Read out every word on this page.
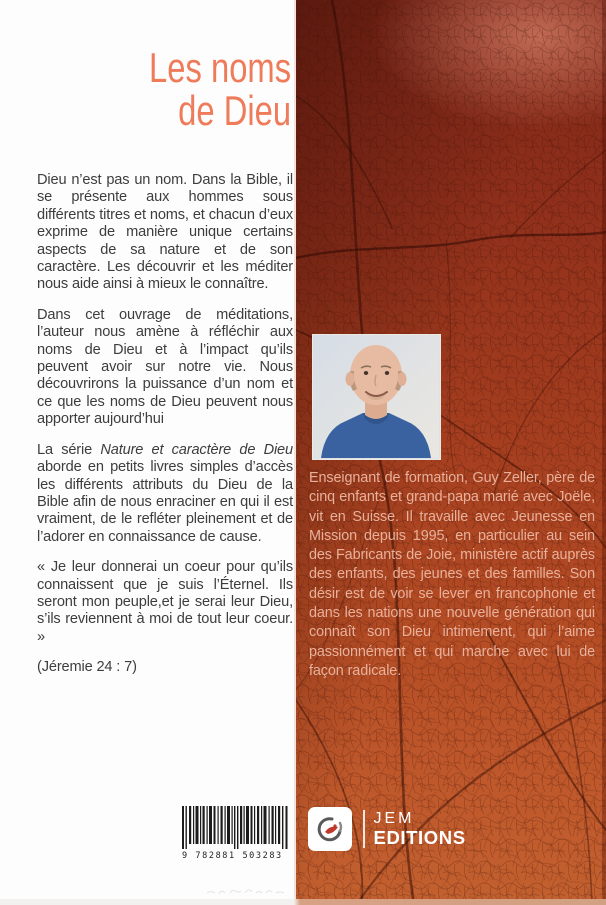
Les noms
de Dieu

Dieu n’est pas un nom. Dans la Bible, il se présente aux hommes sous différents titres et noms, et chacun d’eux exprime de manière unique certains aspects de sa nature et de son caractère. Les découvrir et les méditer nous aide ainsi à mieux le connaître.

Dans cet ouvrage de méditations, l’auteur nous amène à réfléchir aux noms de Dieu et à l’impact qu’ils peuvent avoir sur notre vie. Nous découvrirons la puissance d’un nom et ce que les noms de Dieu peuvent nous apporter aujourd’hui

La série Nature et caractère de Dieu aborde en petits livres simples d’accès les différents attributs du Dieu de la Bible afin de nous enraciner en qui il est vraiment, de le refléter pleinement et de l’adorer en connaissance de cause.

« Je leur donnerai un coeur pour qu’ils connaissent que je suis l’Éternel. Ils seront mon peuple,et je serai leur Dieu, s’ils reviennent à moi de tout leur coeur. »

(Jéremie 24 : 7)

9 782881 503283
Enseignant de formation, Guy Zeller, père de cinq enfants et grand-papa marié avec Joële, vit en Suisse. Il travaille avec Jeunesse en Mission depuis 1995, en particulier au sein des Fabricants de Joie, ministère actif auprès des enfants, des jeunes et des familles. Son désir est de voir se lever en francophonie et dans les nations une nouvelle génération qui connaît son Dieu intimement, qui l’aime passionnément et qui marche avec lui de façon radicale.
JEM
EDITIONS
